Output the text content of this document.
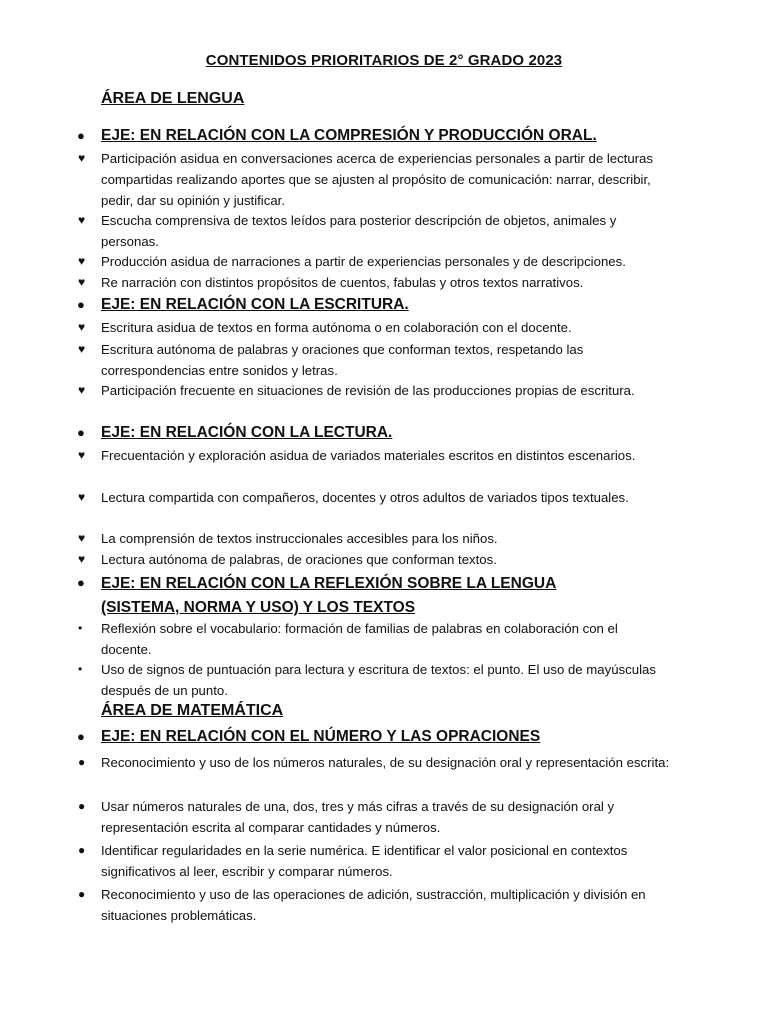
CONTENIDOS PRIORITARIOS DE 2° GRADO 2023
ÁREA DE LENGUA
● EJE: EN RELACIÓN CON LA COMPRESIÓN Y PRODUCCIÓN ORAL.
♥ Participación asidua en conversaciones acerca de experiencias personales a partir de lecturas compartidas realizando aportes que se ajusten al propósito de comunicación: narrar, describir, pedir, dar su opinión y justificar.
♥ Escucha comprensiva de textos leídos para posterior descripción de objetos, animales y personas.
♥ Producción asidua de narraciones a partir de experiencias personales y de descripciones.
♥ Re narración con distintos propósitos de cuentos, fabulas y otros textos narrativos.
● EJE: EN RELACIÓN CON LA ESCRITURA.
♥ Escritura asidua de textos en forma autónoma o en colaboración con el docente.
♥ Escritura autónoma de palabras y oraciones que conforman textos, respetando las correspondencias entre sonidos y letras.
♥ Participación frecuente en situaciones de revisión de las producciones propias de escritura.
● EJE: EN RELACIÓN CON LA LECTURA.
♥ Frecuentación y exploración asidua de variados materiales escritos en distintos escenarios.
♥ Lectura compartida con compañeros, docentes y otros adultos de variados tipos textuales.
♥ La comprensión de textos instruccionales accesibles para los niños.
♥ Lectura autónoma de palabras, de oraciones que conforman textos.
● EJE: EN RELACIÓN CON LA REFLEXIÓN SOBRE LA LENGUA (SISTEMA, NORMA Y USO) Y LOS TEXTOS
• Reflexión sobre el vocabulario: formación de familias de palabras en colaboración con el docente.
• Uso de signos de puntuación para lectura y escritura de textos: el punto. El uso de mayúsculas después de un punto.
ÁREA DE MATEMÁTICA
● EJE: EN RELACIÓN CON EL NÚMERO Y LAS OPRACIONES
● Reconocimiento y uso de los números naturales, de su designación oral y representación escrita:
● Usar números naturales de una, dos, tres y más cifras a través de su designación oral y representación escrita al comparar cantidades y números.
● Identificar regularidades en la serie numérica. E identificar el valor posicional en contextos significativos al leer, escribir y comparar números.
● Reconocimiento y uso de las operaciones de adición, sustracción, multiplicación y división en situaciones problemáticas.
